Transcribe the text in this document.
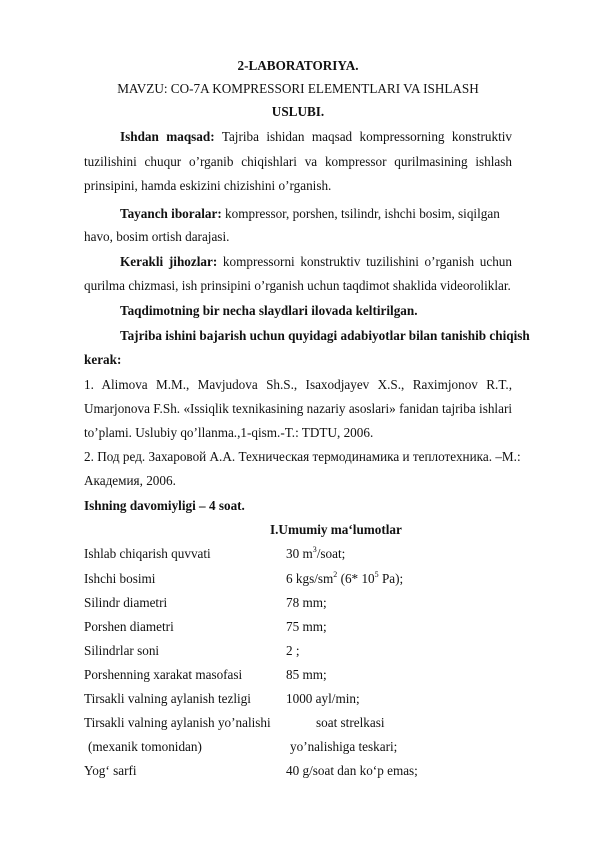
2-LABORATORIYA.
MAVZU: CO-7A KOMPRESSORI ELEMENTLARI VA ISHLASH
USLUBI.
Ishdan maqsad: Tajriba ishidan maqsad kompressorning konstruktiv
tuzilishini chuqur o’rganib chiqishlari va kompressor qurilmasining ishlash
prinsipini, hamda eskizini chizishini o’rganish.
Tayanch iboralar: kompressor, porshen, tsilindr, ishchi bosim, siqilgan
havo, bosim ortish darajasi.
Kerakli jihozlar: kompressorni konstruktiv tuzilishini o’rganish uchun
qurilma chizmasi, ish prinsipini o’rganish uchun taqdimot shaklida videoroliklar.
Taqdimotning bir necha slaydlari ilovada keltirilgan.
Tajriba ishini bajarish uchun quyidagi adabiyotlar bilan tanishib chiqish
kerak:
1. Alimova M.M., Mavjudova Sh.S., Isaxodjayev X.S., Raximjonov R.T.,
Umarjonova F.Sh. «Issiqlik texnikasining nazariy asoslari» fanidan tajriba ishlari
to’plami. Uslubiy qo’llanma.,1-qism.-T.: TDTU, 2006.
2. Под ред. Захаровой А.А. Техническая термодинамика и теплотехника. –М.:
Академия, 2006.
Ishning davomiyligi – 4 soat.
I.Umumiy ma‘lumotlar
Ishlab chiqarish quvvati	30 $m^3$/soat;
Ishchi bosimi	6 kgs/$sm^2$ (6* $10^5$ Pa);
Silindr diametri	78 mm;
Porshen diametri	75 mm;
Silindrlar soni	2 ;
Porshenning xarakat masofasi	85 mm;
Tirsakli valning aylanish tezligi	1000 ayl/min;
Tirsakli valning aylanish yo’nalishi	soat strelkasi
(mexanik tomonidan)	yo’nalishiga teskari;
Yog‘ sarfi	40 g/soat dan ko‘p emas;
